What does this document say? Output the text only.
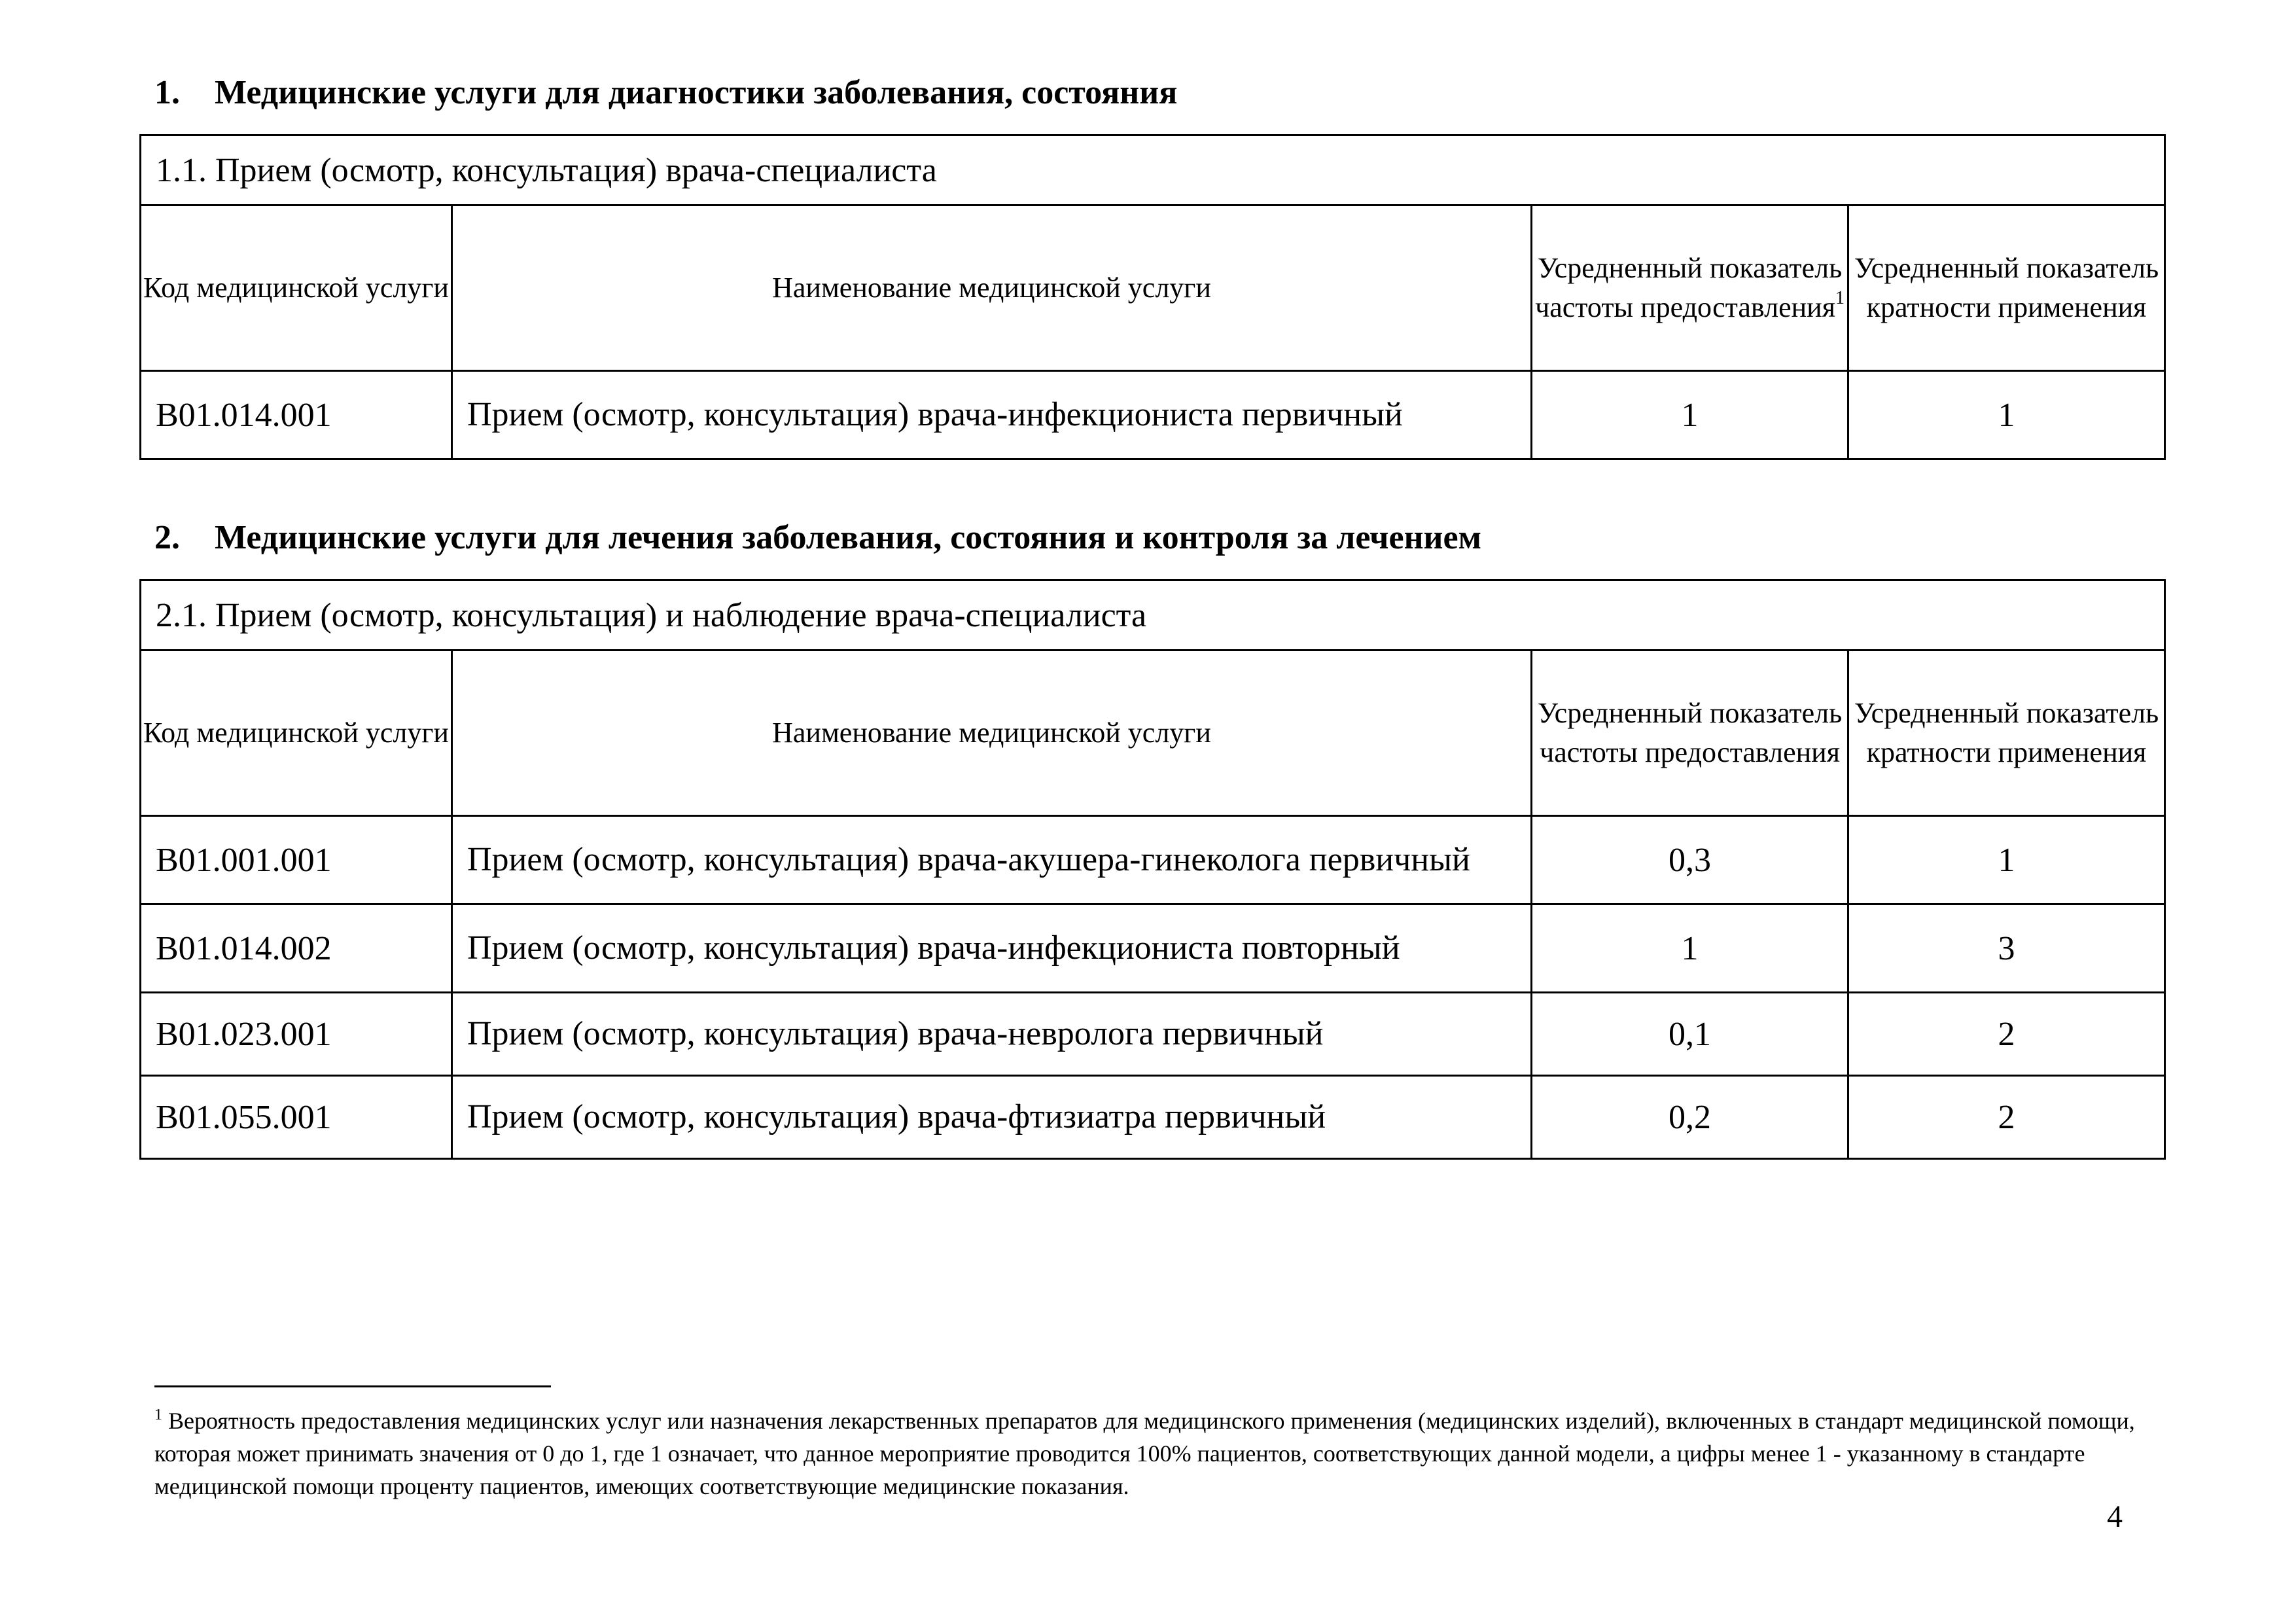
1. Медицинские услуги для диагностики заболевания, состояния
1.1. Прием (осмотр, консультация) врача-специалиста			
Код медицинской услуги	Наименование медицинской услуги	Усредненный показатель частоты предоставления$^1$	Усредненный показатель кратности применения
B01.014.001	Прием (осмотр, консультация) врача-инфекциониста первичный	1	1
2. Медицинские услуги для лечения заболевания, состояния и контроля за лечением
2.1. Прием (осмотр, консультация) и наблюдение врача-специалиста			
Код медицинской услуги	Наименование медицинской услуги	Усредненный показатель частоты предоставления	Усредненный показатель кратности применения
B01.001.001	Прием (осмотр, консультация) врача-акушера-гинеколога первичный	0,3	1
B01.014.002	Прием (осмотр, консультация) врача-инфекциониста повторный	1	3
B01.023.001	Прием (осмотр, консультация) врача-невролога первичный	0,1	2
B01.055.001	Прием (осмотр, консультация) врача-фтизиатра первичный	0,2	2
$^1$ Вероятность предоставления медицинских услуг или назначения лекарственных препаратов для медицинского применения (медицинских изделий), включенных в стандарт медицинской помощи, которая может принимать значения от 0 до 1, где 1 означает, что данное мероприятие проводится 100% пациентов, соответствующих данной модели, а цифры менее 1 - указанному в стандарте медицинской помощи проценту пациентов, имеющих соответствующие медицинские показания.
4
